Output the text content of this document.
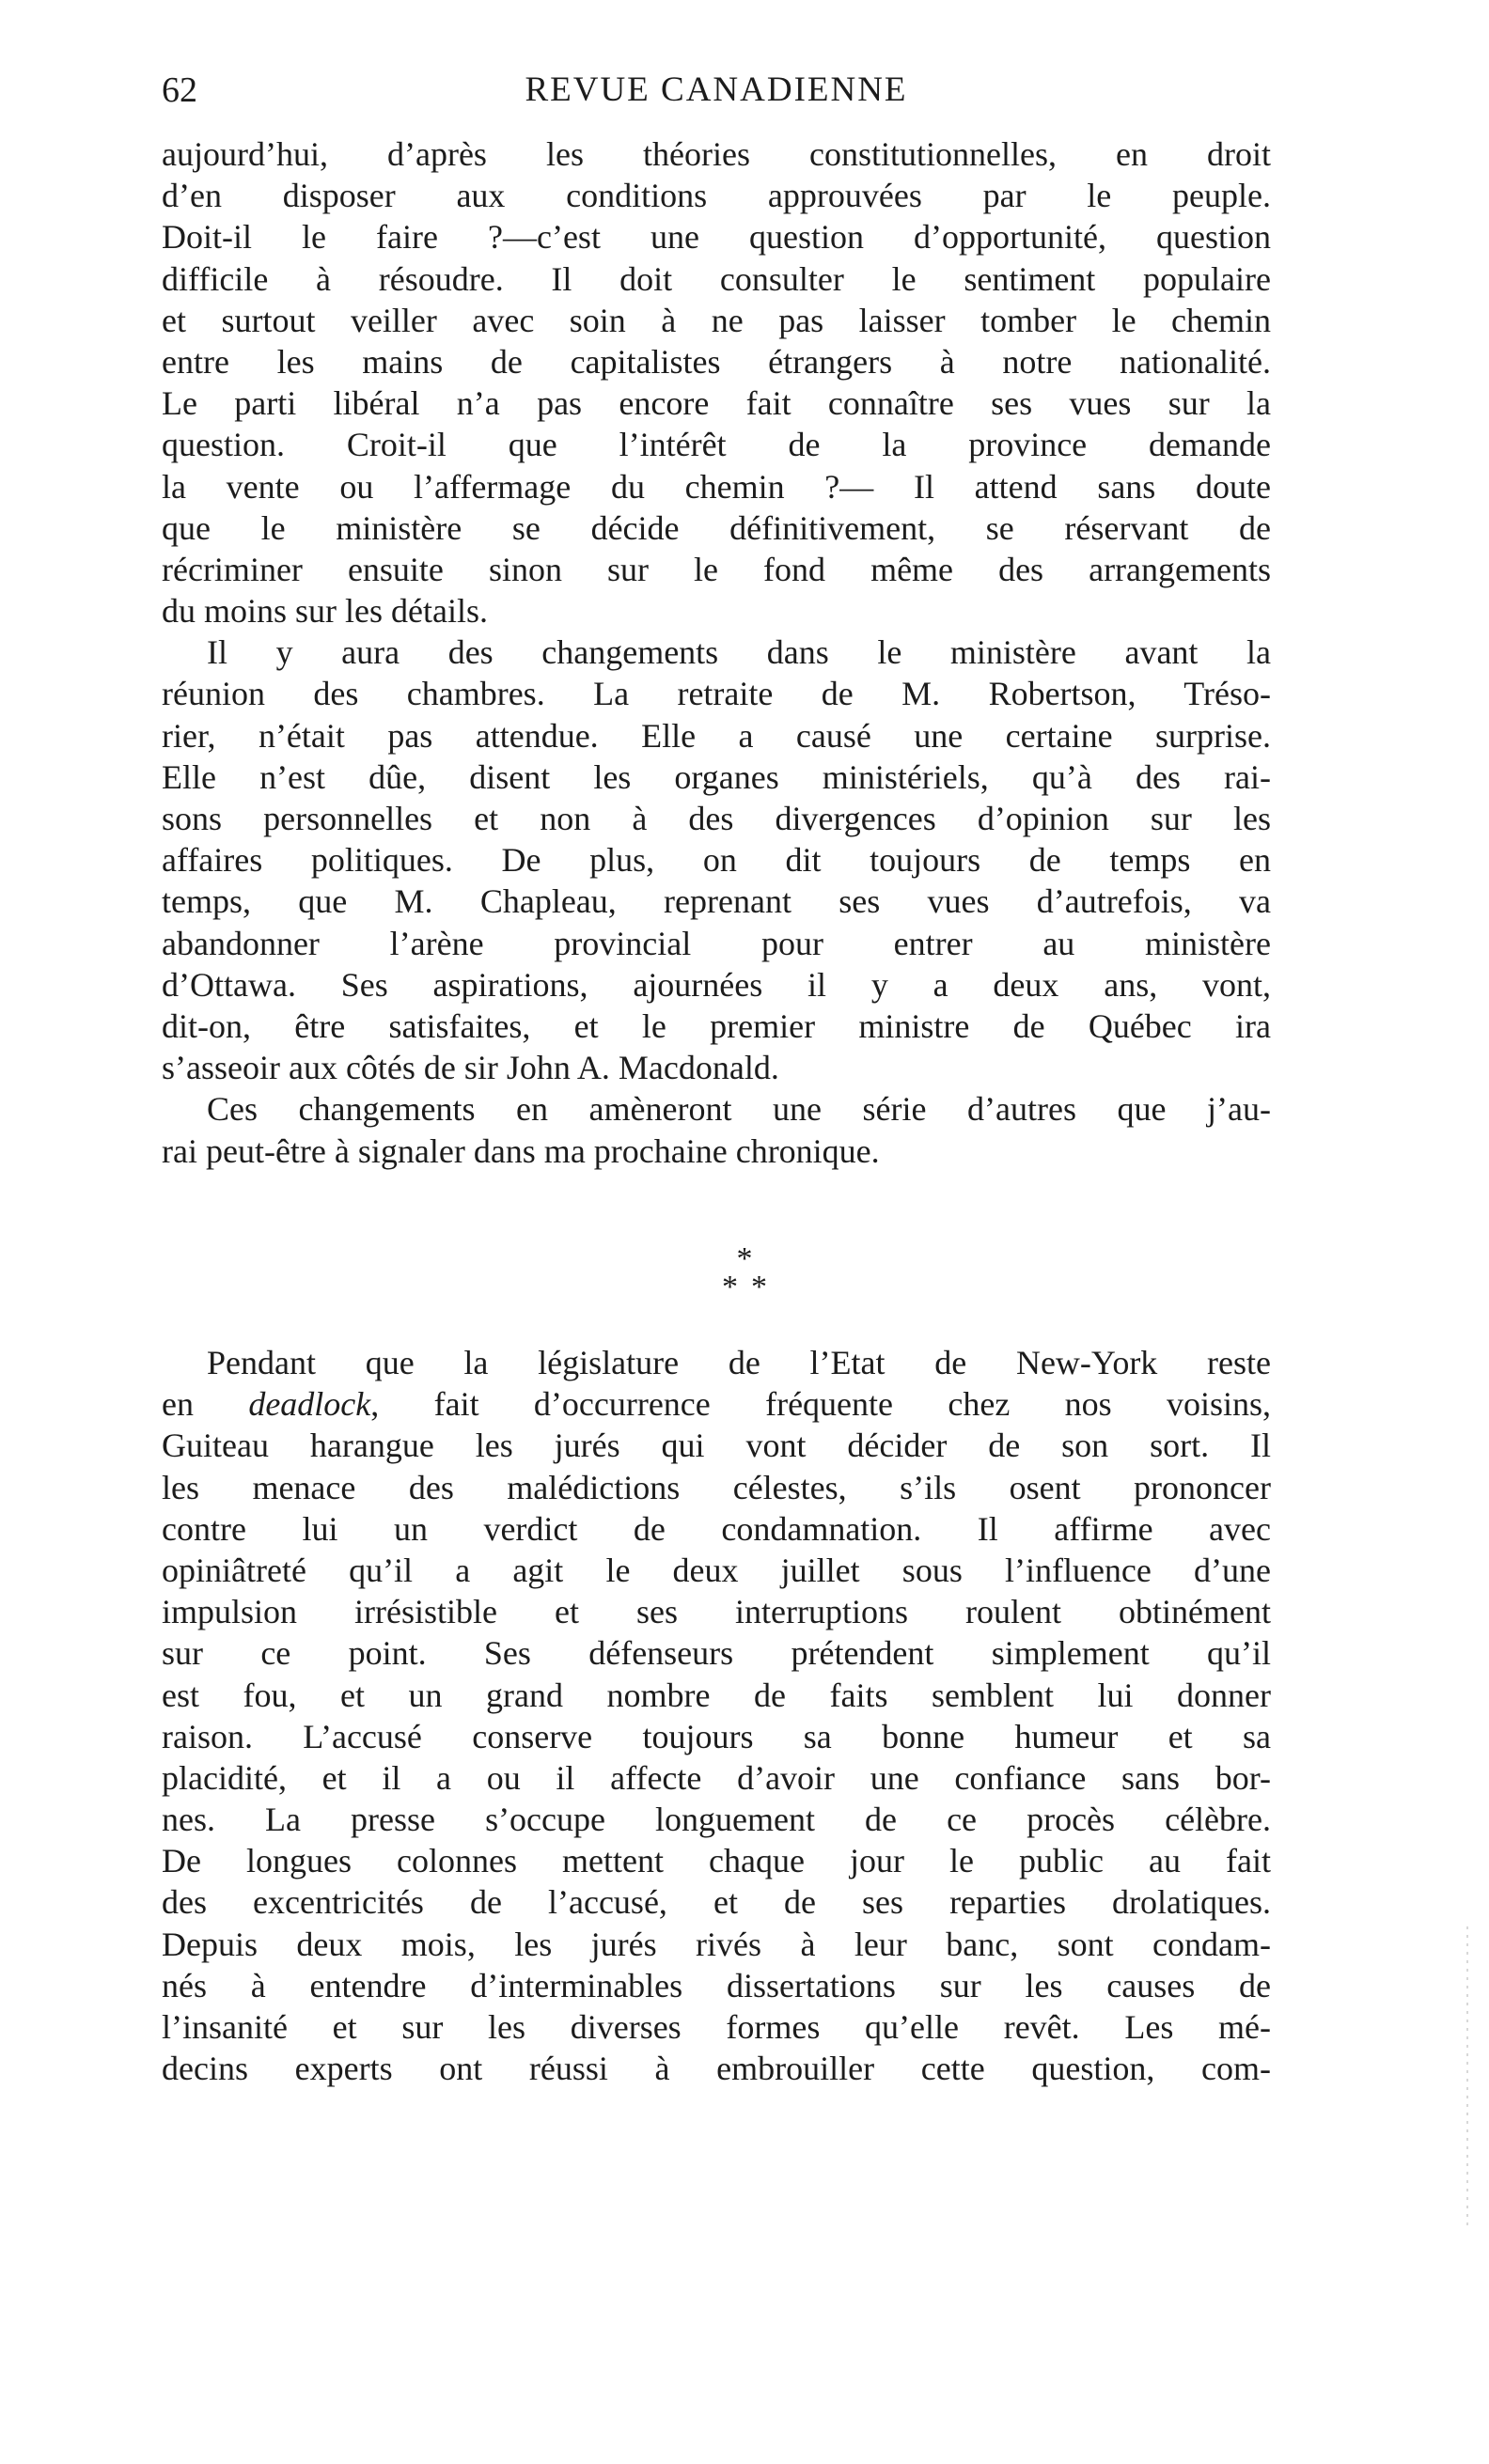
62	REVUE CANADIENNE
aujourd’hui, d’après les théories constitutionnelles, en droit
d’en disposer aux conditions approuvées par le peuple.
Doit-il le faire ?—c’est une question d’opportunité, question
difficile à résoudre. Il doit consulter le sentiment populaire
et surtout veiller avec soin à ne pas laisser tomber le chemin
entre les mains de capitalistes étrangers à notre nationalité.
Le parti libéral n’a pas encore fait connaître ses vues sur la
question. Croit-il que l’intérêt de la province demande
la vente ou l’affermage du chemin ?— Il attend sans doute
que le ministère se décide définitivement, se réservant de
récriminer ensuite sinon sur le fond même des arrangements
du moins sur les détails.
Il y aura des changements dans le ministère avant la
réunion des chambres. La retraite de M. Robertson, Tréso-
rier, n’était pas attendue. Elle a causé une certaine surprise.
Elle n’est dûe, disent les organes ministériels, qu’à des rai-
sons personnelles et non à des divergences d’opinion sur les
affaires politiques. De plus, on dit toujours de temps en
temps, que M. Chapleau, reprenant ses vues d’autrefois, va
abandonner l’arène provincial pour entrer au ministère
d’Ottawa. Ses aspirations, ajournées il y a deux ans, vont,
dit-on, être satisfaites, et le premier ministre de Québec ira
s’asseoir aux côtés de sir John A. Macdonald.
Ces changements en amèneront une série d’autres que j’au-
rai peut-être à signaler dans ma prochaine chronique.
*
**
Pendant que la législature de l’Etat de New-York reste
en deadlock, fait d’occurrence fréquente chez nos voisins,
Guiteau harangue les jurés qui vont décider de son sort. Il
les menace des malédictions célestes, s’ils osent prononcer
contre lui un verdict de condamnation. Il affirme avec
opiniâtreté qu’il a agit le deux juillet sous l’influence d’une
impulsion irrésistible et ses interruptions roulent obtinément
sur ce point. Ses défenseurs prétendent simplement qu’il
est fou, et un grand nombre de faits semblent lui donner
raison. L’accusé conserve toujours sa bonne humeur et sa
placidité, et il a ou il affecte d’avoir une confiance sans bor-
nes. La presse s’occupe longuement de ce procès célèbre.
De longues colonnes mettent chaque jour le public au fait
des excentricités de l’accusé, et de ses reparties drolatiques.
Depuis deux mois, les jurés rivés à leur banc, sont condam-
nés à entendre d’interminables dissertations sur les causes de
l’insanité et sur les diverses formes qu’elle revêt. Les mé-
decins experts ont réussi à embrouiller cette question, com-
